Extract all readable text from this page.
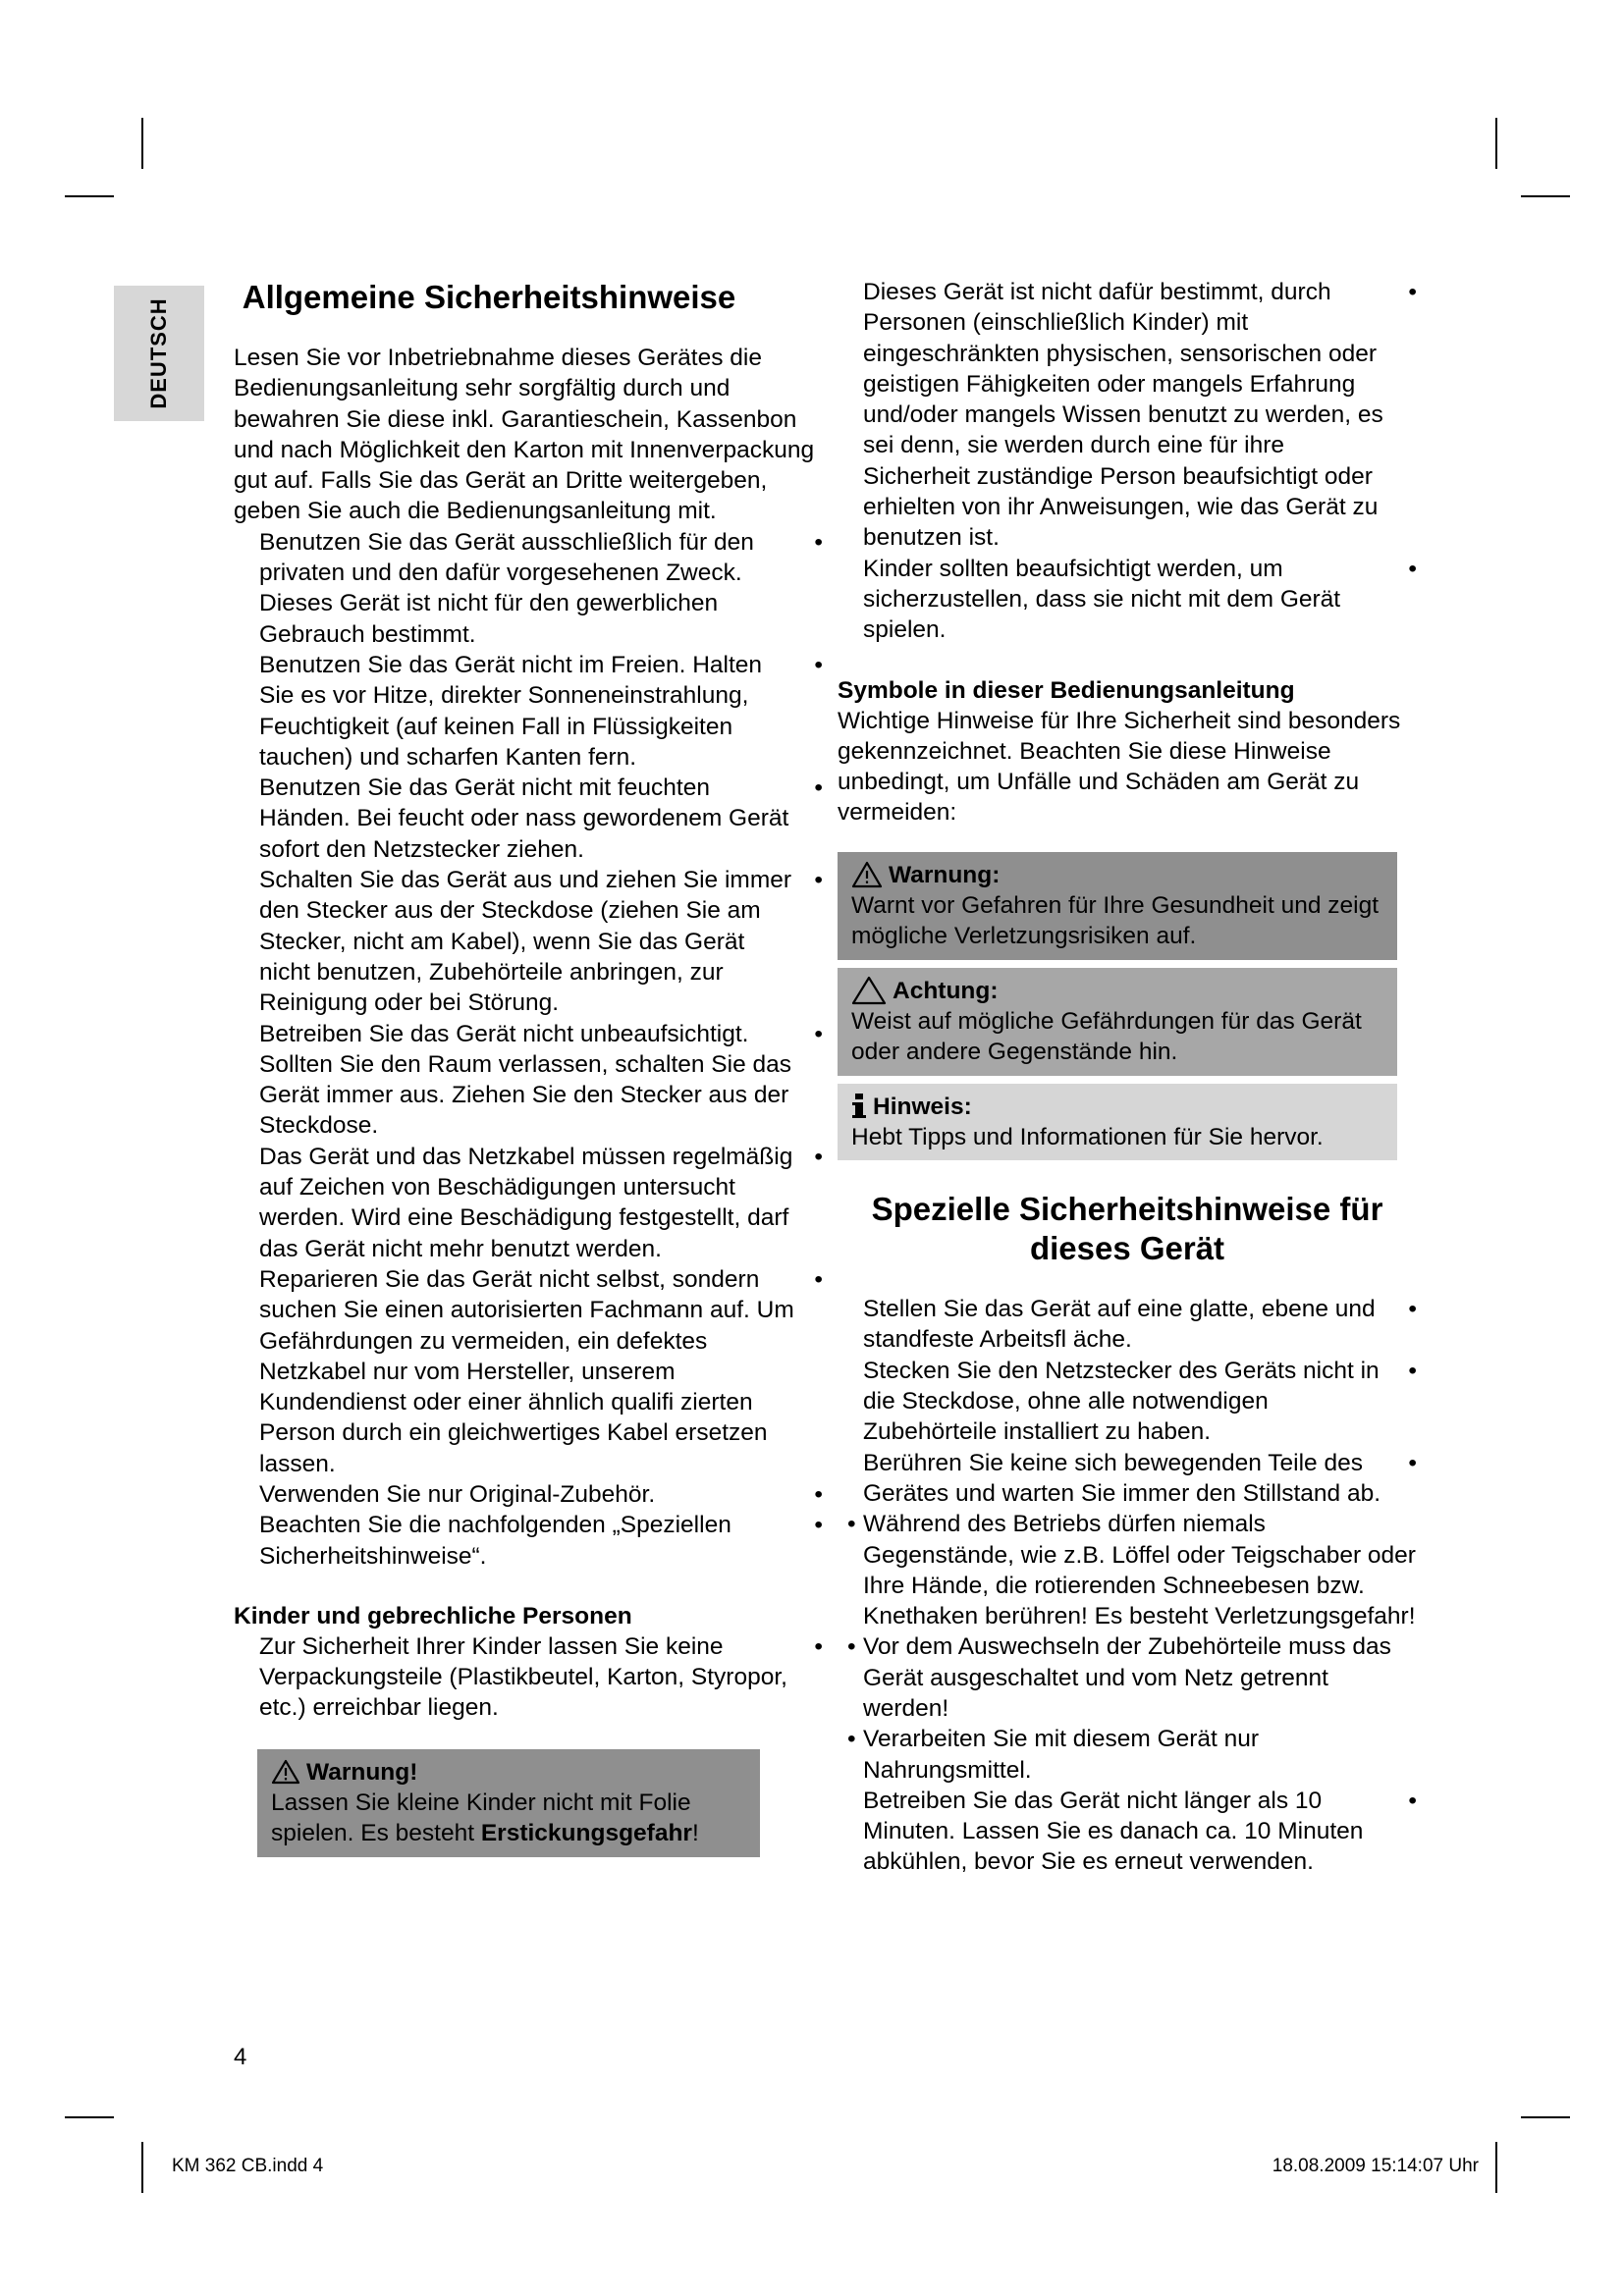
DEUTSCH
Allgemeine Sicherheitshinweise

Lesen Sie vor Inbetriebnahme dieses Gerätes die Bedienungsanleitung sehr sorgfältig durch und bewahren Sie diese inkl. Garantieschein, Kassenbon und nach Möglichkeit den Karton mit Innenverpackung gut auf. Falls Sie das Gerät an Dritte weitergeben, geben Sie auch die Bedienungsanleitung mit.

Benutzen Sie das Gerät ausschließlich für den privaten und den dafür vorgesehenen Zweck. Dieses Gerät ist nicht für den gewerblichen Gebrauch bestimmt.
•

Benutzen Sie das Gerät nicht im Freien. Halten Sie es vor Hitze, direkter Sonneneinstrahlung, Feuchtigkeit (auf keinen Fall in Flüssigkeiten tauchen) und scharfen Kanten fern.
•

Benutzen Sie das Gerät nicht mit feuchten Händen. Bei feucht oder nass gewordenem Gerät sofort den Netzstecker ziehen.
•

Schalten Sie das Gerät aus und ziehen Sie immer den Stecker aus der Steckdose (ziehen Sie am Stecker, nicht am Kabel), wenn Sie das Gerät nicht benutzen, Zubehörteile anbringen, zur Reinigung oder bei Störung.
•

Betreiben Sie das Gerät nicht unbeaufsichtigt. Sollten Sie den Raum verlassen, schalten Sie das Gerät immer aus. Ziehen Sie den Stecker aus der Steckdose.
•

Das Gerät und das Netzkabel müssen regelmäßig auf Zeichen von Beschädigungen untersucht werden. Wird eine Beschädigung festgestellt, darf das Gerät nicht mehr benutzt werden.
•

Reparieren Sie das Gerät nicht selbst, sondern suchen Sie einen autorisierten Fachmann auf. Um Gefährdungen zu vermeiden, ein defektes Netzkabel nur vom Hersteller, unserem Kundendienst oder einer ähnlich qualifi zierten Person durch ein gleichwertiges Kabel ersetzen lassen.
•

Verwenden Sie nur Original-Zubehör.	•

Beachten Sie die nachfolgenden „Speziellen Sicherheitshinweise“.
•

Kinder und gebrechliche Personen

Zur Sicherheit Ihrer Kinder lassen Sie keine Verpackungsteile (Plastikbeutel, Karton, Styropor, etc.) erreichbar liegen.
•

Warnung!

Lassen Sie kleine Kinder nicht mit Folie spielen. Es besteht Erstickungsgefahr!

Dieses Gerät ist nicht dafür bestimmt, durch Personen (einschließlich Kinder) mit eingeschränkten physischen, sensorischen oder geistigen Fähigkeiten oder mangels Erfahrung und/oder mangels Wissen benutzt zu werden, es sei denn, sie werden durch eine für ihre Sicherheit zuständige Person beaufsichtigt oder erhielten von ihr Anweisungen, wie das Gerät zu benutzen ist.
•

Kinder sollten beaufsichtigt werden, um sicherzustellen, dass sie nicht mit dem Gerät spielen.
•

Symbole in dieser Bedienungsanleitung

Wichtige Hinweise für Ihre Sicherheit sind besonders gekennzeichnet. Beachten Sie diese Hinweise unbedingt, um Unfälle und Schäden am Gerät zu vermeiden:

Warnung:

Warnt vor Gefahren für Ihre Gesundheit und zeigt mögliche Verletzungsrisiken auf.

Achtung:

Weist auf mögliche Gefährdungen für das Gerät oder andere Gegenstände hin.

Hinweis:

Hebt Tipps und Informationen für Sie hervor.

Spezielle Sicherheitshinweise für dieses Gerät

Stellen Sie das Gerät auf eine glatte, ebene und standfeste Arbeitsfl äche.
•

Stecken Sie den Netzstecker des Geräts nicht in die Steckdose, ohne alle notwendigen Zubehörteile installiert zu haben.
•

Berühren Sie keine sich bewegenden Teile des Gerätes und warten Sie immer den Stillstand ab.
•

• Während des Betriebs dürfen niemals Gegenstände, wie z.B. Löffel oder Teigschaber oder Ihre Hände, die rotierenden Schneebesen bzw. Knethaken berühren! Es besteht Verletzungsgefahr!

• Vor dem Auswechseln der Zubehörteile muss das Gerät ausgeschaltet und vom Netz getrennt werden!

• Verarbeiten Sie mit diesem Gerät nur Nahrungsmittel.

Betreiben Sie das Gerät nicht länger als 10 Minuten. Lassen Sie es danach ca. 10 Minuten abkühlen, bevor Sie es erneut verwenden.
•

4
KM 362 CB.indd 4	18.08.2009 15:14:07 Uhr
